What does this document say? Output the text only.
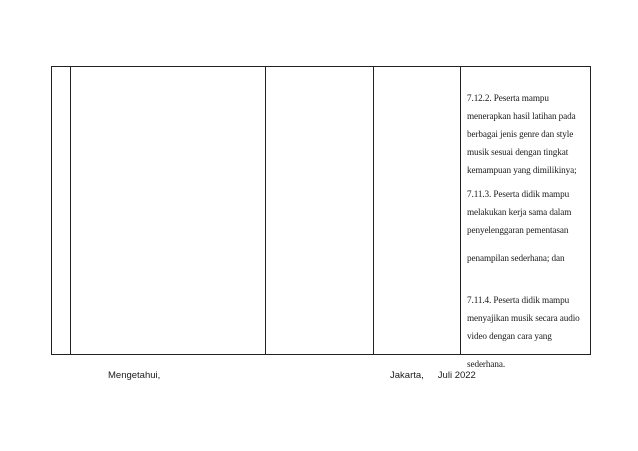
7.12.2. Peserta mampu

menerapkan hasil latihan pada

berbagai jenis genre dan style

musik sesuai dengan tingkat

kemampuan yang dimilikinya;

7.11.3. Peserta didik mampu

melakukan kerja sama dalam

penyelenggaran pementasan

penampilan sederhana; dan

7.11.4. Peserta didik mampu

menyajikan musik secara audio

video dengan cara yang

sederhana.

Mengetahui,	Jakarta, Juli 2022
